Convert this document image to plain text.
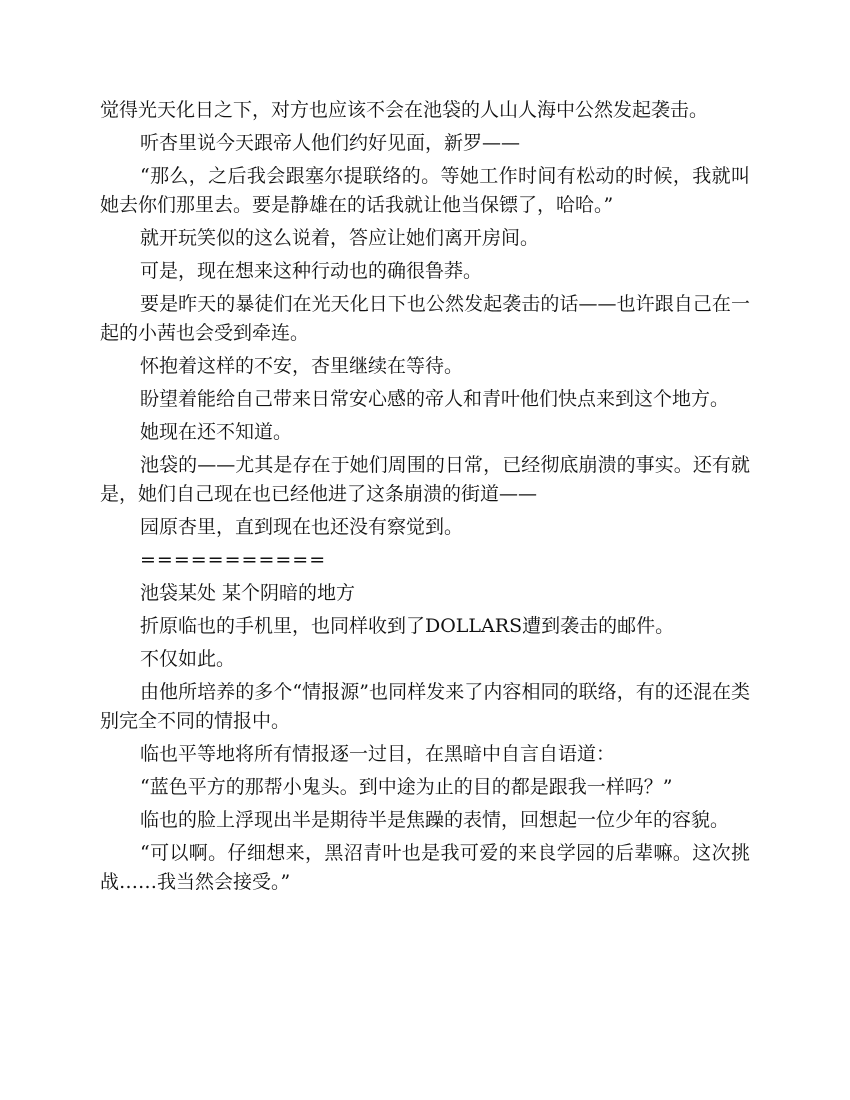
觉得光天化日之下，对方也应该不会在池袋的人山人海中公然发起袭击。

听杏里说今天跟帝人他们约好见面，新罗——

“那么，之后我会跟塞尔提联络的。等她工作时间有松动的时候，我就叫她去你们那里去。要是静雄在的话我就让他当保镖了，哈哈。”

就开玩笑似的这么说着，答应让她们离开房间。

可是，现在想来这种行动也的确很鲁莽。

要是昨天的暴徒们在光天化日下也公然发起袭击的话——也许跟自己在一起的小茜也会受到牵连。

怀抱着这样的不安，杏里继续在等待。

盼望着能给自己带来日常安心感的帝人和青叶他们快点来到这个地方。

她现在还不知道。

池袋的——尤其是存在于她们周围的日常，已经彻底崩溃的事实。还有就是，她们自己现在也已经他进了这条崩溃的街道——

园原杏里，直到现在也还没有察觉到。

===========

池袋某处 某个阴暗的地方

折原临也的手机里，也同样收到了DOLLARS遭到袭击的邮件。

不仅如此。

由他所培养的多个“情报源”也同样发来了内容相同的联络，有的还混在类别完全不同的情报中。

临也平等地将所有情报逐一过目，在黑暗中自言自语道：

“蓝色平方的那帮小鬼头。到中途为止的目的都是跟我一样吗？”

临也的脸上浮现出半是期待半是焦躁的表情，回想起一位少年的容貌。

“可以啊。仔细想来，黑沼青叶也是我可爱的来良学园的后辈嘛。这次挑战……我当然会接受。”
